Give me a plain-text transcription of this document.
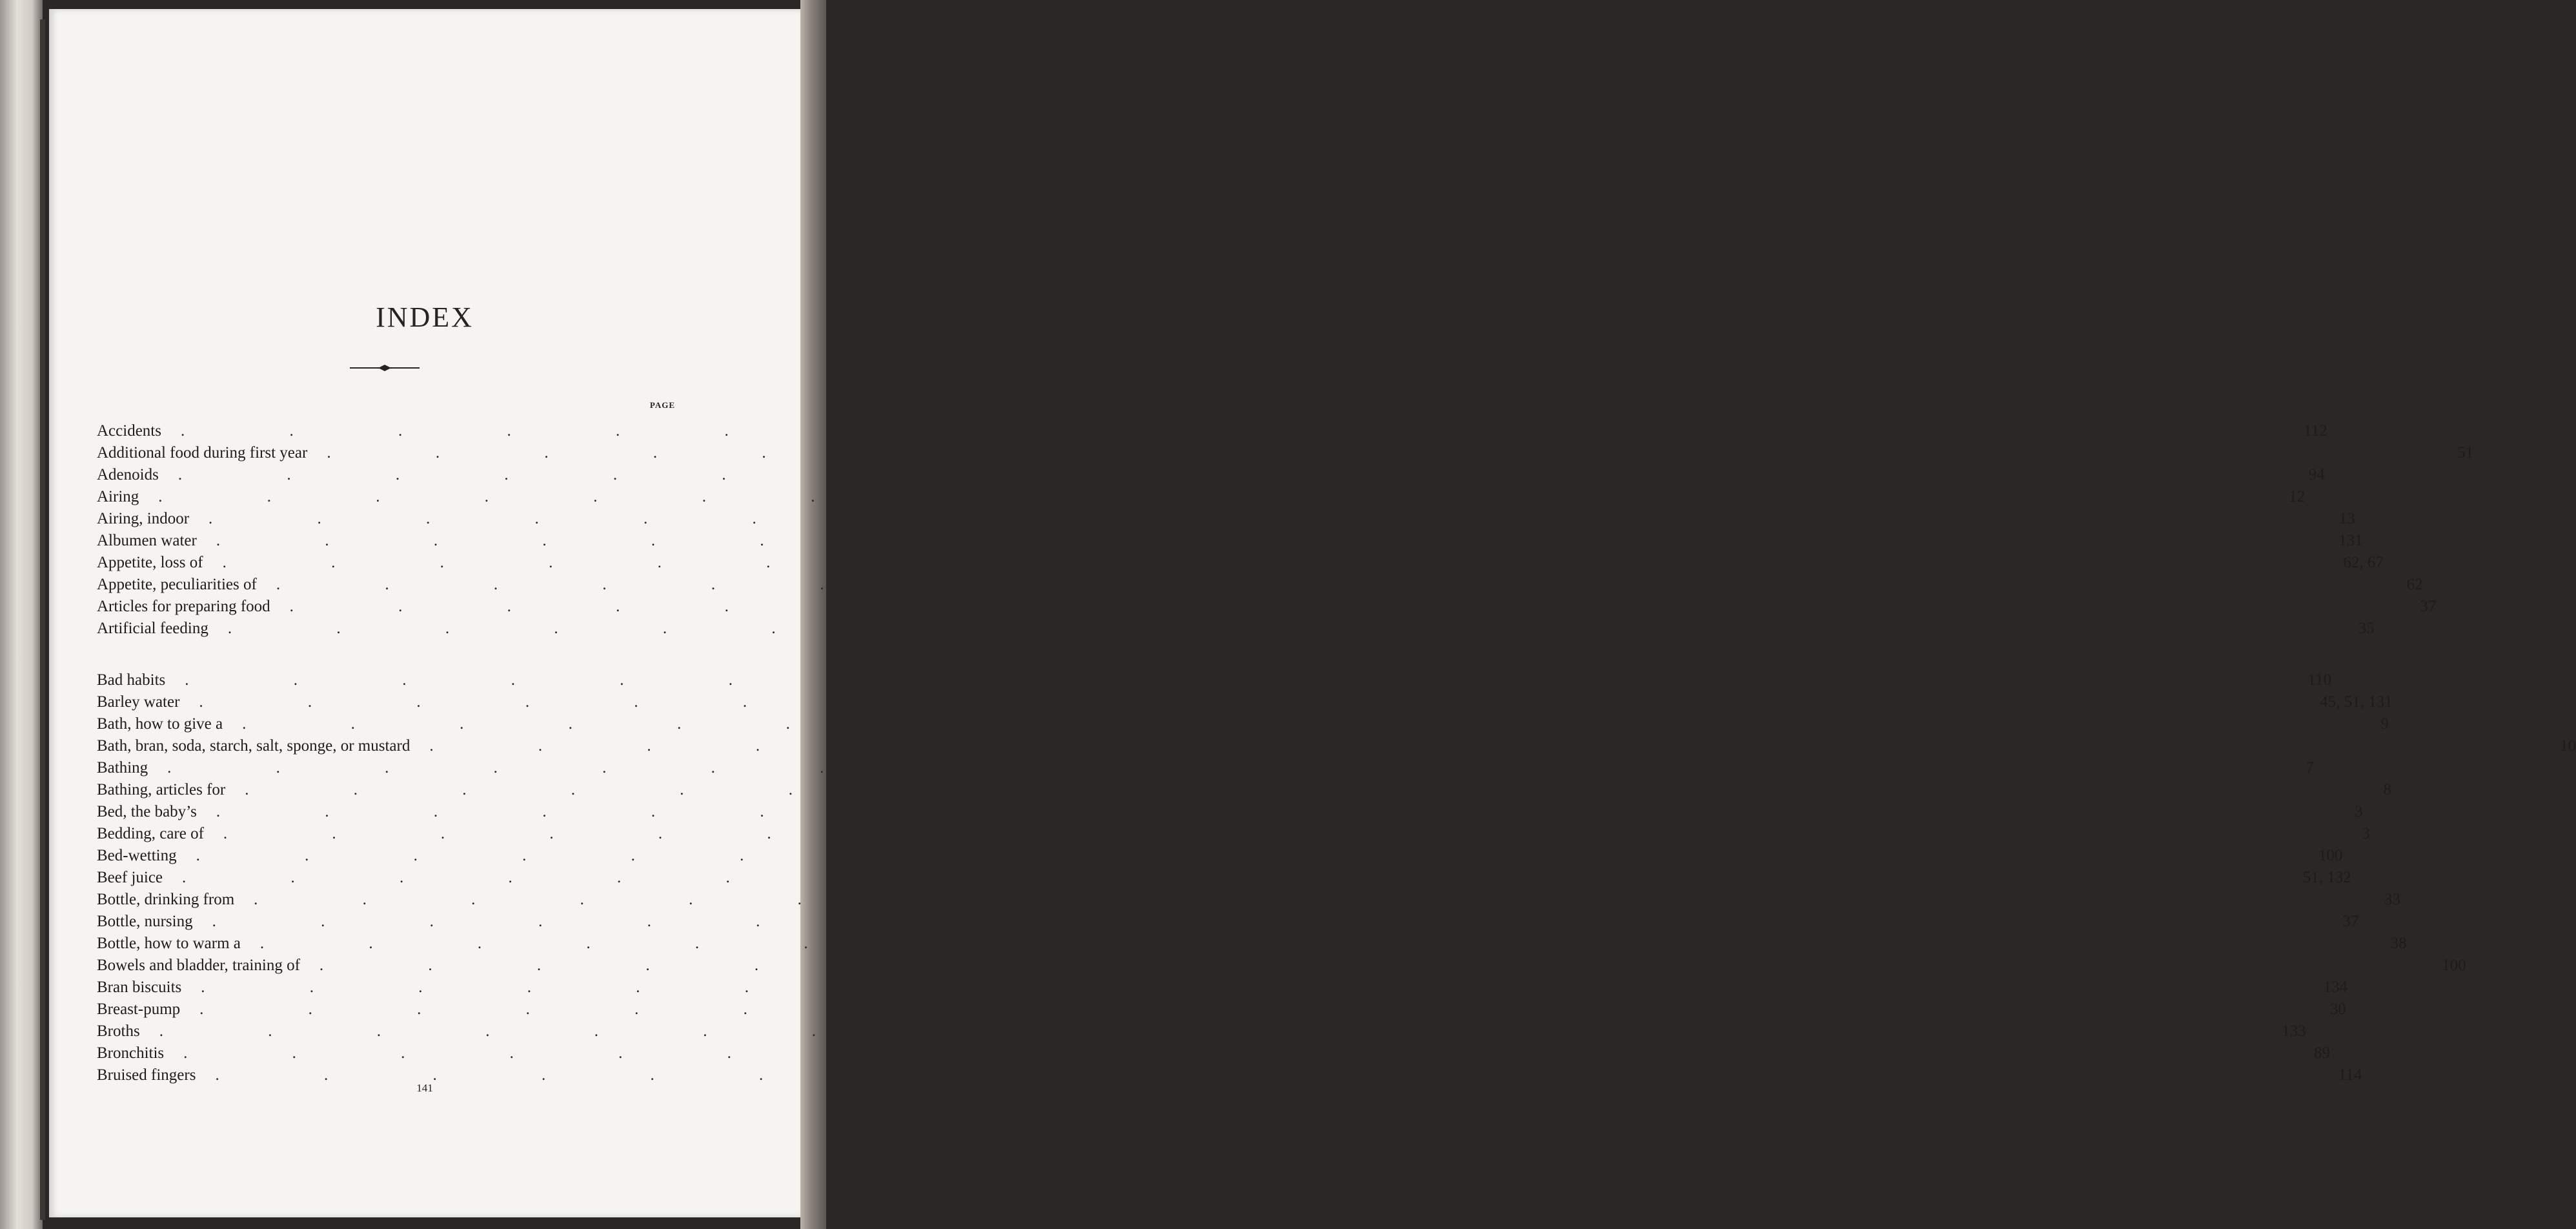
INDEX
PAGE
Accidents	. . . . . . . . . . . . . . . . . . . . 112
Additional food during first year	. . . . . . . . . . . . . . . . . . . . 51
Adenoids	. . . . . . . . . . . . . . . . . . . . 94
Airing	. . . . . . . . . . . . . . . . . . . . 12
Airing, indoor	. . . . . . . . . . . . . . . . . . . . 13
Albumen water	. . . . . . . . . . . . . . . . . . . . 131
Appetite, loss of	. . . . . . . . . . . . . . . . . . . . 62, 67
Appetite, peculiarities of	. . . . . . . . . . . . . . . . . . . . 62
Articles for preparing food	. . . . . . . . . . . . . . . . . . . . 37
Artificial feeding	. . . . . . . . . . . . . . . . . . . . 35
Bad habits	. . . . . . . . . . . . . . . . . . . . 110
Barley water	. . . . . . . . . . . . . . . . . . . . 45, 51, 131
Bath, how to give a	. . . . . . . . . . . . . . . . . . . .	9
Bath, bran, soda, starch, salt, sponge, or mustard	. . . . . . . . . . . . . . . . . . . . 10
Bathing	. . . . . . . . . . . . . . . . . . . .	7
Bathing, articles for	. . . . . . . . . . . . . . . . . . . .	8
Bed, the baby’s	. . . . . . . . . . . . . . . . . . . .	3
Bedding, care of	. . . . . . . . . . . . . . . . . . . .	3
Bed-wetting	. . . . . . . . . . . . . . . . . . . . 100
Beef juice	. . . . . . . . . . . . . . . . . . . . 51, 132
Bottle, drinking from	. . . . . . . . . . . . . . . . . . . . 33
Bottle, nursing	. . . . . . . . . . . . . . . . . . . . 37
Bottle, how to warm a	. . . . . . . . . . . . . . . . . . . . 38
Bowels and bladder, training of	. . . . . . . . . . . . . . . . . . . . 100
Bran biscuits	. . . . . . . . . . . . . . . . . . . . 134
Breast-pump	. . . . . . . . . . . . . . . . . . . . 30
Broths	. . . . . . . . . . . . . . . . . . . . 133
Bronchitis	. . . . . . . . . . . . . . . . . . . . 89
Bruised fingers	. . . . . . . . . . . . . . . . . . . . 114
141
